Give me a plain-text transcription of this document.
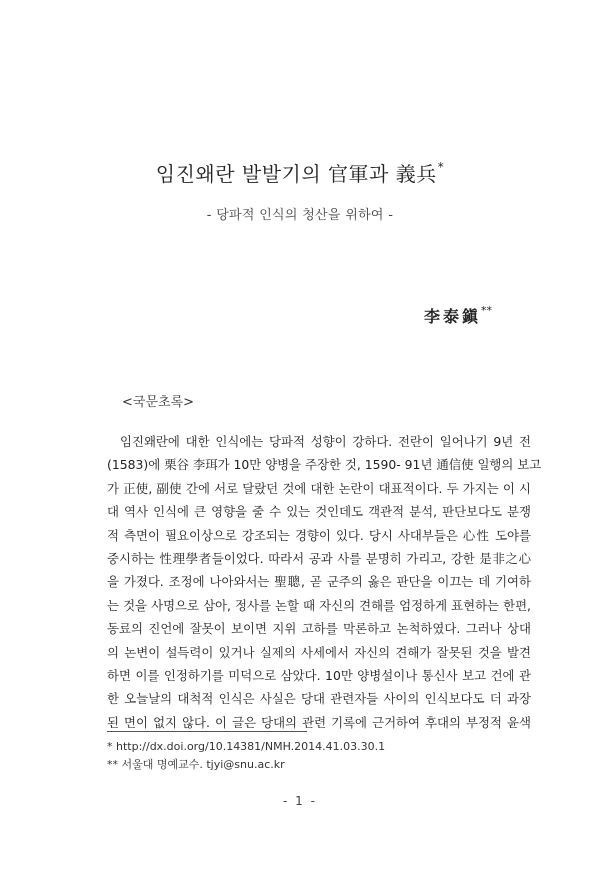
임진왜란 발발기의 官軍과 義兵*
- 당파적 인식의 청산을 위하여 -
李泰鎭**
<국문초록>
임진왜란에 대한 인식에는 당파적 성향이 강하다. 전란이 일어나기 9년 전
(1583)에 栗谷 李珥가 10만 양병을 주장한 것, 1590- 91년 通信使 일행의 보고
가 正使, 副使 간에 서로 달랐던 것에 대한 논란이 대표적이다. 두 가지는 이 시
대 역사 인식에 큰 영향을 줄 수 있는 것인데도 객관적 분석, 판단보다도 분쟁
적 측면이 필요이상으로 강조되는 경향이 있다. 당시 사대부들은 心性 도야를
중시하는 性理學者들이었다. 따라서 공과 사를 분명히 가리고, 강한 是非之心
을 가졌다. 조정에 나아와서는 聖聰, 곧 군주의 옳은 판단을 이끄는 데 기여하
는 것을 사명으로 삼아, 정사를 논할 때 자신의 견해를 엄정하게 표현하는 한편,
동료의 진언에 잘못이 보이면 지위 고하를 막론하고 논척하였다. 그러나 상대
의 논변이 설득력이 있거나 실제의 사세에서 자신의 견해가 잘못된 것을 발견
하면 이를 인정하기를 미덕으로 삼았다. 10만 양병설이나 통신사 보고 건에 관
한 오늘날의 대척적 인식은 사실은 당대 관련자들 사이의 인식보다도 더 과장
된 면이 없지 않다. 이 글은 당대의 관련 기록에 근거하여 후대의 부정적 윤색
* http://dx.doi.org/10.14381/NMH.2014.41.03.30.1
** 서울대 명예교수. tjyi@snu.ac.kr
- 1 -
